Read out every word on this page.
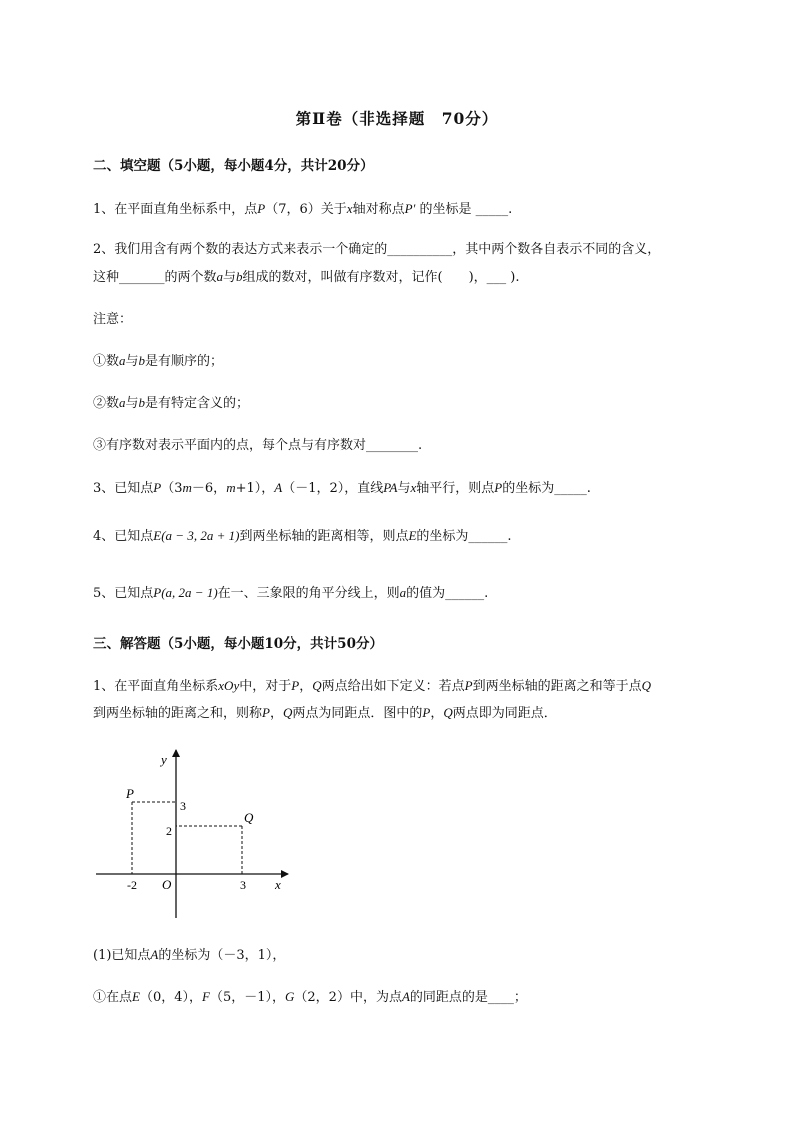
第Ⅱ卷（非选择题　70分）
二、填空题（5小题，每小题4分，共计20分）
1、在平面直角坐标系中，点P（7，6）关于x轴对称点P′ 的坐标是 _____.
2、我们用含有两个数的表达方式来表示一个确定的__________，其中两个数各自表示不同的含义，
这种_______的两个数a与b组成的数对，叫做有序数对，记作(　　)，___ ).
注意：
①数a与b是有顺序的；
②数a与b是有特定含义的；
③有序数对表示平面内的点，每个点与有序数对________.
3、已知点P（3m－6，m+1），A（－1，2），直线PA与x轴平行，则点P的坐标为_____.
4、已知点E(a − 3, 2a + 1)到两坐标轴的距离相等，则点E的坐标为______.
5、已知点P(a, 2a − 1)在一、三象限的角平分线上，则a的值为______.
三、解答题（5小题，每小题10分，共计50分）
1、在平面直角坐标系xOy中，对于P，Q两点给出如下定义：若点P到两坐标轴的距离之和等于点Q
到两坐标轴的距离之和，则称P，Q两点为同距点．图中的P，Q两点即为同距点．
P
Q
x
y
O
-2	3
3
2
(1)已知点A的坐标为（－3，1），
①在点E（0，4），F（5，－1），G（2，2）中，为点A的同距点的是____；
